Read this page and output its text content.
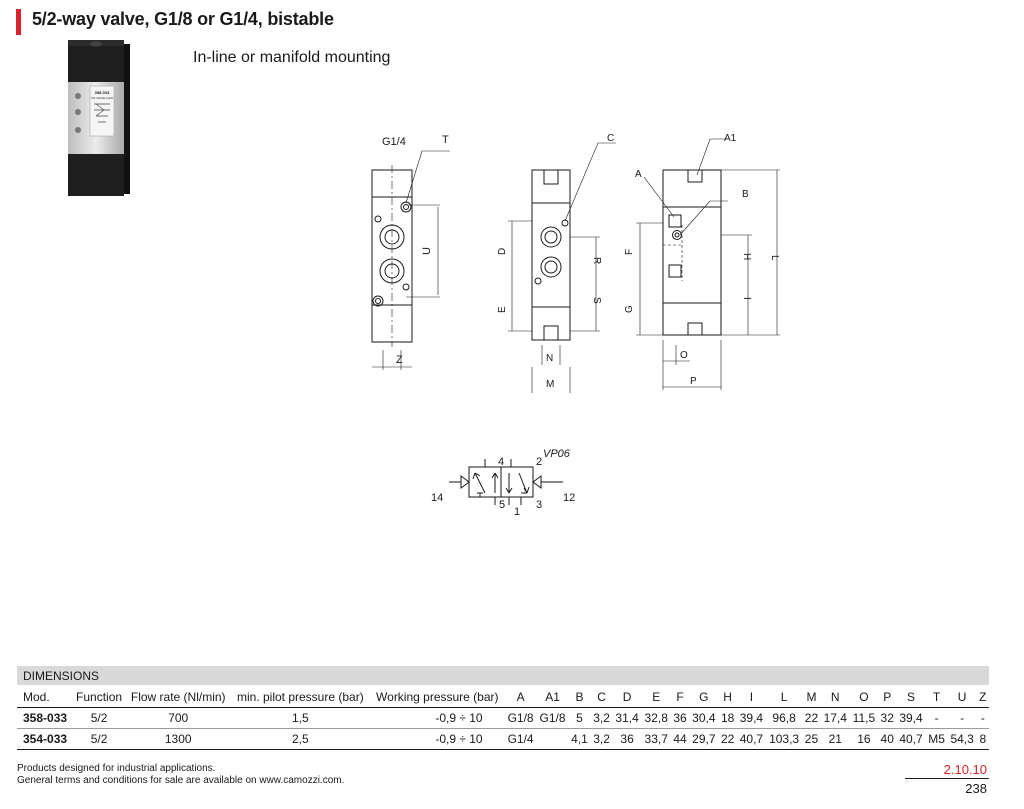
5/2-way valve, G1/8 or G1/4, bistable
In-line or manifold mounting
358-033
5/2 VALVE G1/8
G1/4	T
U
Z
C
D
E
R
S
N
M
A1
A
B
F
G
H
I
L
O
P
VP06
4	2
5
1
3
14	12
DIMENSIONS
Mod.	Function	Flow rate (Nl/min)	min. pilot pressure (bar)	Working pressure (bar)	A	A1	B	C	D	E	F	G	H	I	L	M	N	O	P	S	T	U	Z
358-033	5/2	700	1,5	-0,9 ÷ 10	G1/8	G1/8	5	3,2	31,4	32,8	36	30,4	18	39,4	96,8	22	17,4	11,5	32	39,4	-	-	-
354-033	5/2	1300	2,5	-0,9 ÷ 10	G1/4		4,1	3,2	36	33,7	44	29,7	22	40,7	103,3	25	21	16	40	40,7	M5	54,3	8
Products designed for industrial applications.
General terms and conditions for sale are available on www.camozzi.com.
2.10.10
238
